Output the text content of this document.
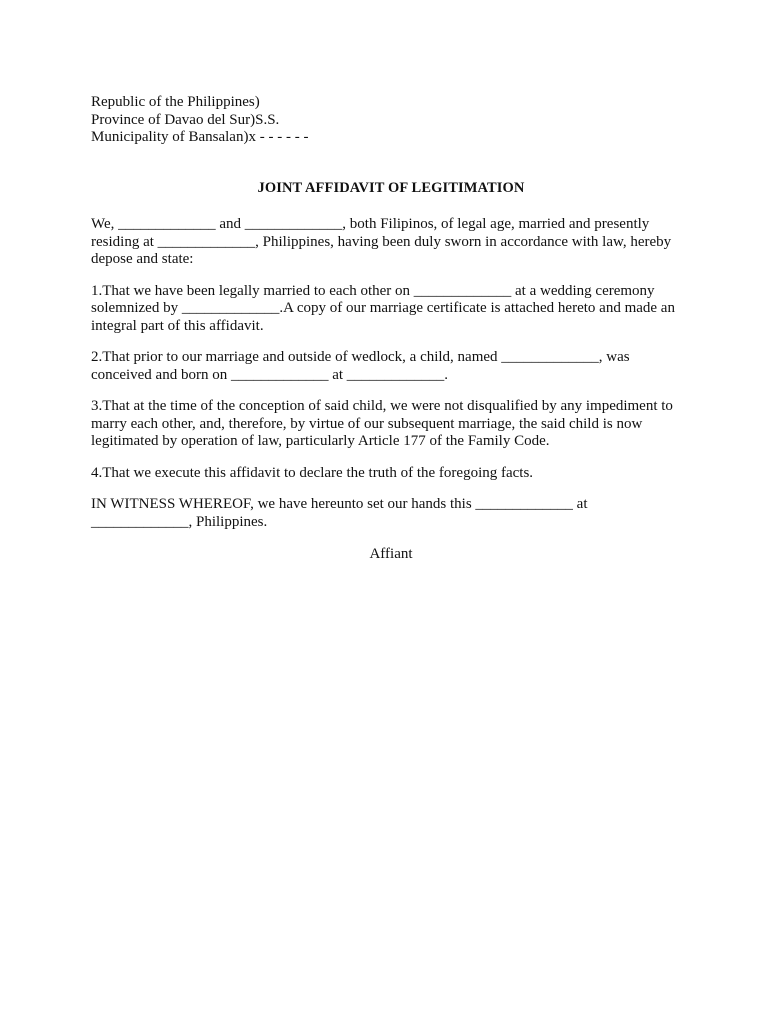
Republic of the Philippines)

Province of Davao del Sur)S.S.

Municipality of Bansalan)x - - - - - -

JOINT AFFIDAVIT OF LEGITIMATION

We, _____________ and _____________, both Filipinos, of legal age, married and presently residing at _____________, Philippines, having been duly sworn in accordance with law, hereby depose and state:

1.That we have been legally married to each other on _____________ at a wedding ceremony solemnized by _____________.A copy of our marriage certificate is attached hereto and made an integral part of this affidavit.

2.That prior to our marriage and outside of wedlock, a child, named _____________, was conceived and born on _____________ at _____________.

3.That at the time of the conception of said child, we were not disqualified by any impediment to marry each other, and, therefore, by virtue of our subsequent marriage, the said child is now legitimated by operation of law, particularly Article 177 of the Family Code.

4.That we execute this affidavit to declare the truth of the foregoing facts.

IN WITNESS WHEREOF, we have hereunto set our hands this _____________ at _____________, Philippines.

Affiant
